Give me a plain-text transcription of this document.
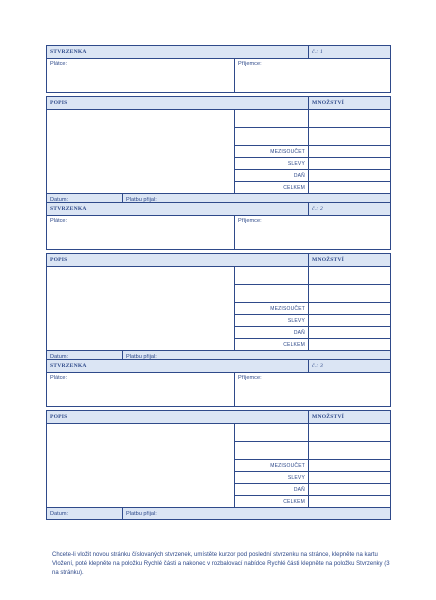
STVRZENKA			č.: 1
Plátce:		Příjemce:	

POPIS			MNOŽSTVÍ

		MEZISOUČET	
		SLEVY	
		DAŇ	
		CELKEM	
Datum:	Platbu přijal:		
STVRZENKA			č.: 2
Plátce:		Příjemce:	

POPIS			MNOŽSTVÍ

		MEZISOUČET	
		SLEVY	
		DAŇ	
		CELKEM	
Datum:	Platbu přijal:		
STVRZENKA			č.: 3
Plátce:		Příjemce:	

POPIS			MNOŽSTVÍ

		MEZISOUČET	
		SLEVY	
		DAŇ	
		CELKEM	
Datum:	Platbu přijal:		

Chcete-li vložit novou stránku číslovaných stvrzenek, umístěte kurzor pod poslední stvrzenku na stránce, klepněte na kartu Vložení, poté klepněte na položku Rychlé části a nakonec v rozbalovací nabídce Rychlé části klepněte na položku Stvrzenky (3 na stránku).
